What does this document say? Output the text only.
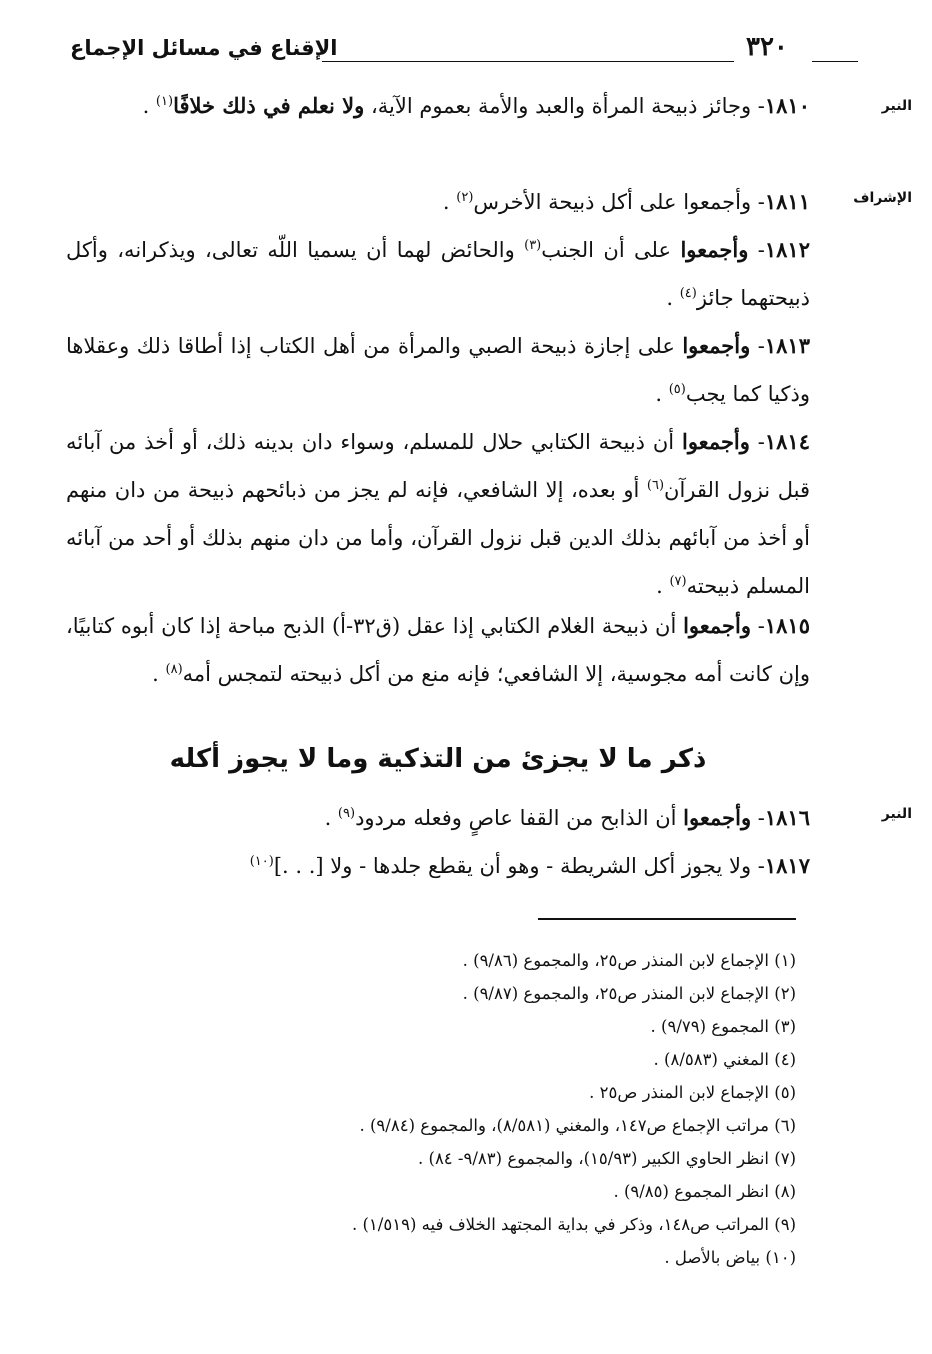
الإقناع في مسائل الإجماع	٣٢٠
النير
الإشراف
النير
١٨١٠- وجائز ذبيحة المرأة والعبد والأمة بعموم الآية، ولا نعلم في ذلك خلافًا$^{(١)}$ .
١٨١١- وأجمعوا على أكل ذبيحة الأخرس$^{(٢)}$ .
١٨١٢- وأجمعوا على أن الجنب$^{(٣)}$ والحائض لهما أن يسميا اللّه تعالى، ويذكرانه، وأكل ذبيحتهما جائز$^{(٤)}$ .
١٨١٣- وأجمعوا على إجازة ذبيحة الصبي والمرأة من أهل الكتاب إذا أطاقا ذلك وعقلاها وذكيا كما يجب$^{(٥)}$ .
١٨١٤- وأجمعوا أن ذبيحة الكتابي حلال للمسلم، وسواء دان بدينه ذلك، أو أخذ من آبائه قبل نزول القرآن$^{(٦)}$ أو بعده، إلا الشافعي، فإنه لم يجز من ذبائحهم ذبيحة من دان منهم أو أخذ من آبائهم بذلك الدين قبل نزول القرآن، وأما من دان منهم بذلك أو أحد من آبائه المسلم ذبيحته$^{(٧)}$ .
١٨١٥- وأجمعوا أن ذبيحة الغلام الكتابي إذا عقل (ق٣٢-أ) الذبح مباحة إذا كان أبوه كتابيًا، وإن كانت أمه مجوسية، إلا الشافعي؛ فإنه منع من أكل ذبيحته لتمجس أمه$^{(٨)}$ .
ذكر ما لا يجزئ من التذكية وما لا يجوز أكله
١٨١٦- وأجمعوا أن الذابح من القفا عاصٍ وفعله مردود$^{(٩)}$ .
١٨١٧- ولا يجوز أكل الشريطة - وهو أن يقطع جلدها - ولا [. . .]$^{(١٠)}$
(١) الإجماع لابن المنذر ص٢٥، والمجموع (٩/٨٦) .
(٢) الإجماع لابن المنذر ص٢٥، والمجموع (٩/٨٧) .
(٣) المجموع (٩/٧٩) .
(٤) المغني (٨/٥٨٣) .
(٥) الإجماع لابن المنذر ص٢٥ .
(٦) مراتب الإجماع ص١٤٧، والمغني (٨/٥٨١)، والمجموع (٩/٨٤) .
(٧) انظر الحاوي الكبير (١٥/٩٣)، والمجموع (٩/٨٣- ٨٤) .
(٨) انظر المجموع (٩/٨٥) .
(٩) المراتب ص١٤٨، وذكر في بداية المجتهد الخلاف فيه (١/٥١٩) .
(١٠) بياض بالأصل .
